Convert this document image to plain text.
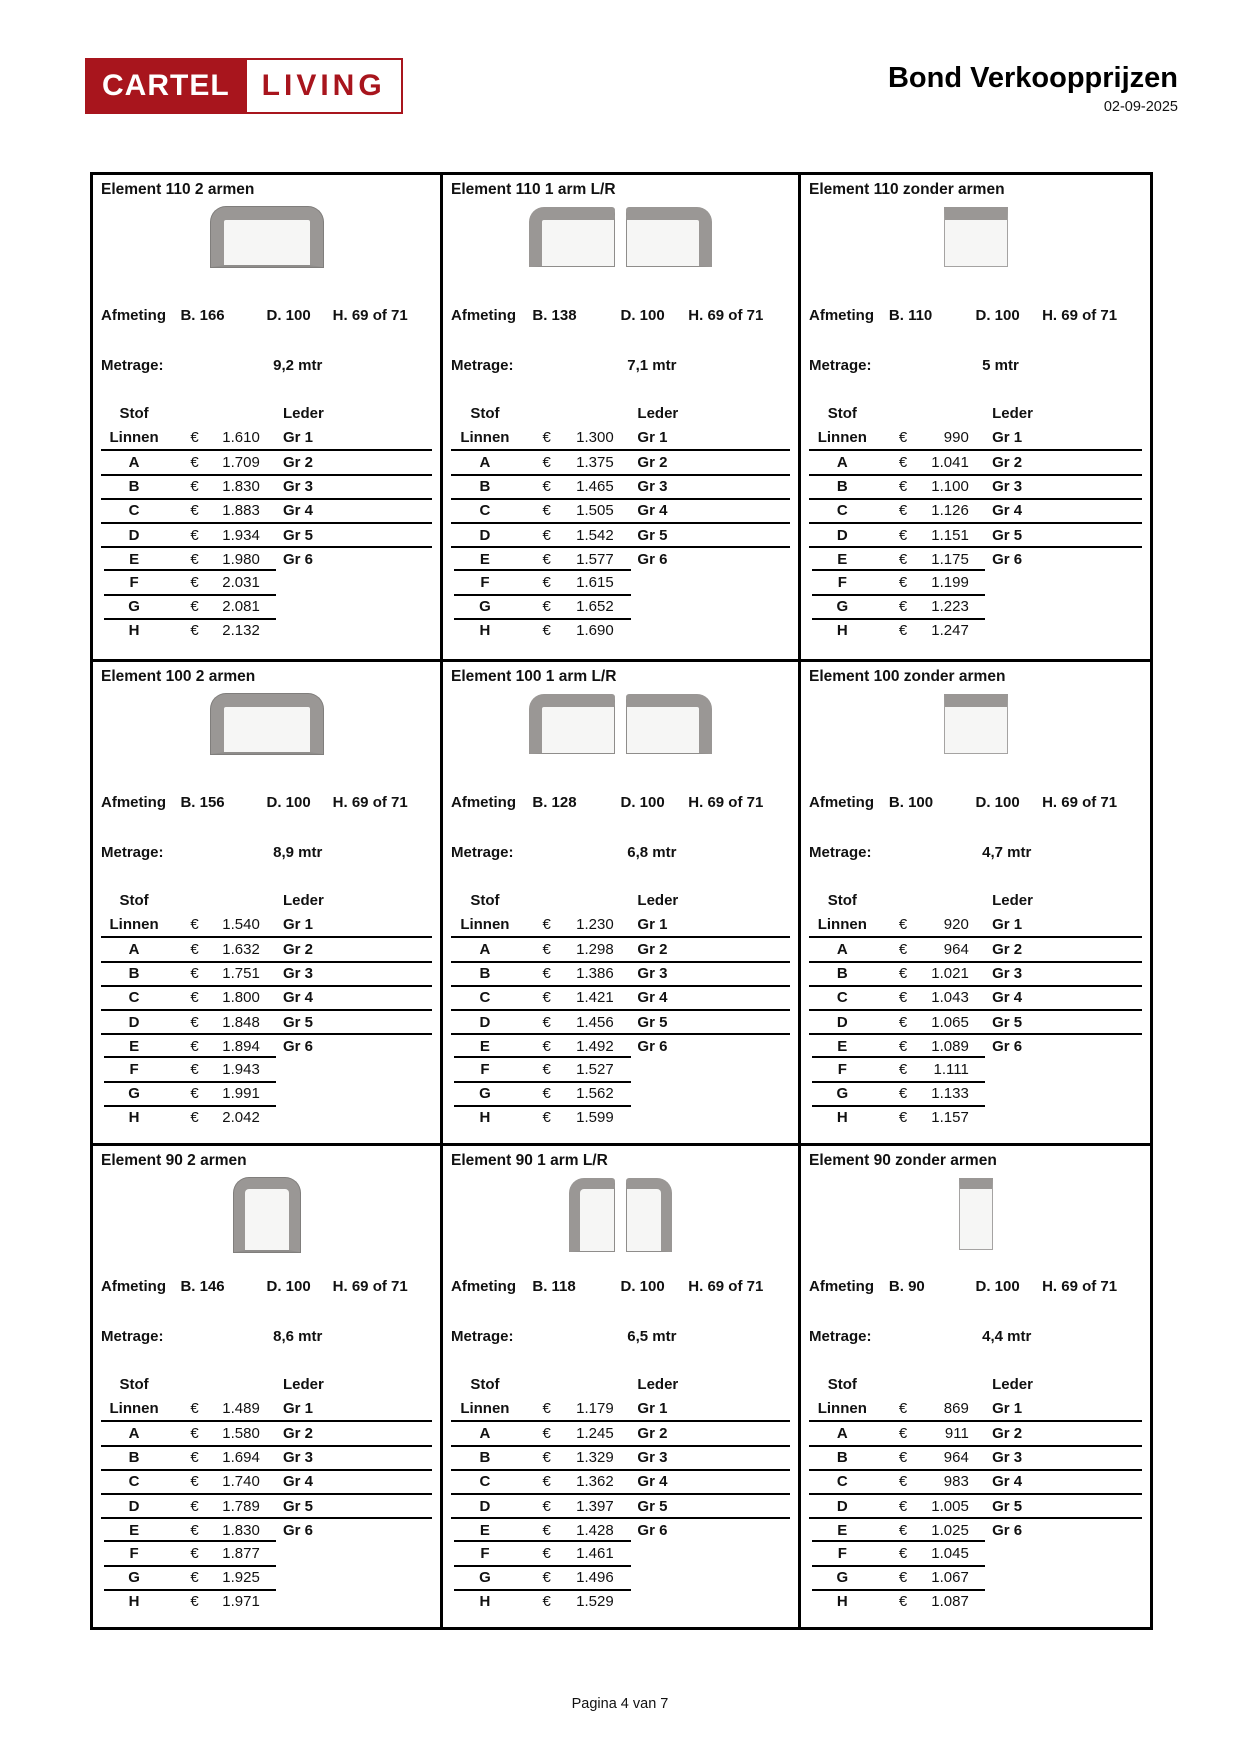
CARTEL	LIVING	Bond Verkoopprijzen
02-09-2025
Element 110 2 armen
Afmeting B. 166	D. 100	H. 69 of 71
Metrage:	9,2 mtr
Stof	Leder
Linnen	€	1.610 Gr 1
A	€	1.709 Gr 2
B	€	1.830 Gr 3
C	€	1.883 Gr 4
D	€	1.934 Gr 5
E	€	1.980 Gr 6
F	€	2.031
G	€	2.081
H	€	2.132
Element 110 1 arm L/R
Afmeting	B. 138	D. 100	H. 69 of 71
Metrage:	7,1 mtr
Stof	Leder
Linnen	€	1.300 Gr 1
A	€	1.375 Gr 2
B	€	1.465 Gr 3
C	€	1.505 Gr 4
D	€	1.542 Gr 5
E	€	1.577 Gr 6
F	€	1.615
G	€	1.652
H	€	1.690
Element 110 zonder armen
Afmeting B. 110	D. 100	H. 69 of 71
Metrage:	5 mtr
Stof	Leder
Linnen	€	990 Gr 1
A	€	1.041 Gr 2
B	€	1.100 Gr 3
C	€	1.126 Gr 4
D	€	1.151 Gr 5
E	€	1.175 Gr 6
F	€	1.199
G	€	1.223
H	€	1.247
Element 100 2 armen
Afmeting B. 156	D. 100	H. 69 of 71
Metrage:	8,9 mtr
Stof	Leder
Linnen	€	1.540 Gr 1
A	€	1.632 Gr 2
B	€	1.751 Gr 3
C	€	1.800 Gr 4
D	€	1.848 Gr 5
E	€	1.894 Gr 6
F	€	1.943
G	€	1.991
H	€	2.042
Element 100 1 arm L/R
Afmeting	B. 128	D. 100	H. 69 of 71
Metrage:	6,8 mtr
Stof	Leder
Linnen	€	1.230 Gr 1
A	€	1.298 Gr 2
B	€	1.386 Gr 3
C	€	1.421 Gr 4
D	€	1.456 Gr 5
E	€	1.492 Gr 6
F	€	1.527
G	€	1.562
H	€	1.599
Element 100 zonder armen
Afmeting B. 100	D. 100	H. 69 of 71
Metrage:	4,7 mtr
Stof	Leder
Linnen	€	920 Gr 1
A	€	964 Gr 2
B	€	1.021 Gr 3
C	€	1.043 Gr 4
D	€	1.065 Gr 5
E	€	1.089 Gr 6
F	€	1.111
G	€	1.133
H	€	1.157
Element 90 2 armen
Afmeting B. 146	D. 100	H. 69 of 71
Metrage:	8,6 mtr
Stof	Leder
Linnen	€	1.489 Gr 1
A	€	1.580 Gr 2
B	€	1.694 Gr 3
C	€	1.740 Gr 4
D	€	1.789 Gr 5
E	€	1.830 Gr 6
F	€	1.877
G	€	1.925
H	€	1.971
Element 90 1 arm L/R
Afmeting	B. 118	D. 100	H. 69 of 71
Metrage:	6,5 mtr
Stof	Leder
Linnen	€	1.179 Gr 1
A	€	1.245 Gr 2
B	€	1.329 Gr 3
C	€	1.362 Gr 4
D	€	1.397 Gr 5
E	€	1.428 Gr 6
F	€	1.461
G	€	1.496
H	€	1.529
Element 90 zonder armen
Afmeting B. 90	D. 100	H. 69 of 71
Metrage:	4,4 mtr
Stof	Leder
Linnen	€	869 Gr 1
A	€	911 Gr 2
B	€	964 Gr 3
C	€	983 Gr 4
D	€	1.005 Gr 5
E	€	1.025 Gr 6
F	€	1.045
G	€	1.067
H	€	1.087
Pagina 4 van 7
